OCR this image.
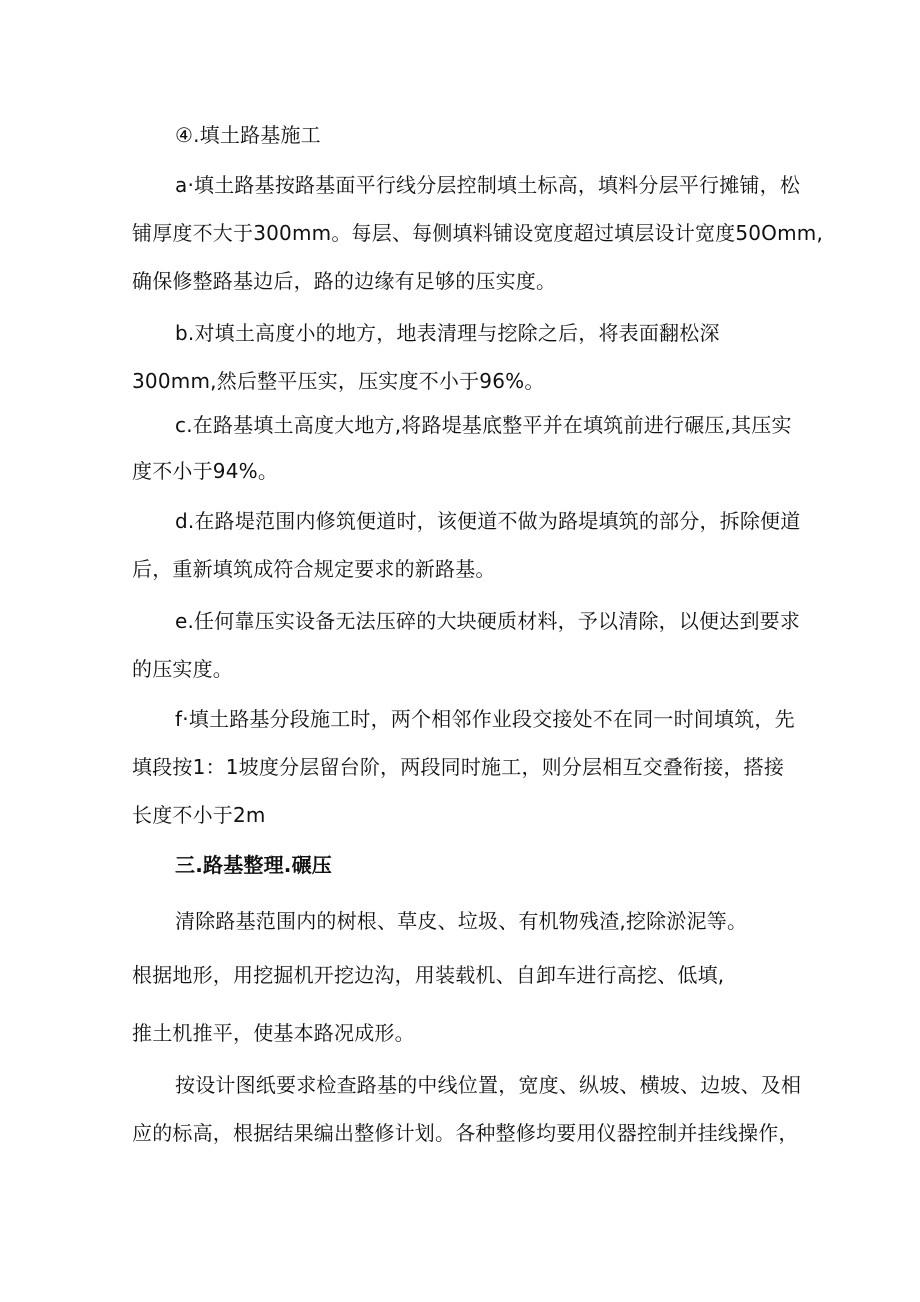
④.填土路基施工
a·填土路基按路基面平行线分层控制填土标高，填料分层平行摊铺，松
铺厚度不大于300mm。每层、每侧填料铺设宽度超过填层设计宽度50Omm,
确保修整路基边后，路的边缘有足够的压实度。
b.对填土高度小的地方，地表清理与挖除之后，将表面翻松深
300mm,然后整平压实，压实度不小于96%。
c.在路基填土高度大地方,将路堤基底整平并在填筑前进行碾压,其压实
度不小于94%。
d.在路堤范围内修筑便道时，该便道不做为路堤填筑的部分，拆除便道
后，重新填筑成符合规定要求的新路基。
e.任何靠压实设备无法压碎的大块硬质材料，予以清除，以便达到要求
的压实度。
f·填土路基分段施工时，两个相邻作业段交接处不在同一时间填筑，先
填段按1：1坡度分层留台阶，两段同时施工，则分层相互交叠衔接，搭接
长度不小于2m
三.路基整理.碾压
清除路基范围内的树根、草皮、垃圾、有机物残渣,挖除淤泥等。
根据地形，用挖掘机开挖边沟，用装载机、自卸车进行高挖、低填,
推土机推平，使基本路况成形。
按设计图纸要求检查路基的中线位置，宽度、纵坡、横坡、边坡、及相
应的标高，根据结果编出整修计划。各种整修均要用仪器控制并挂线操作，
